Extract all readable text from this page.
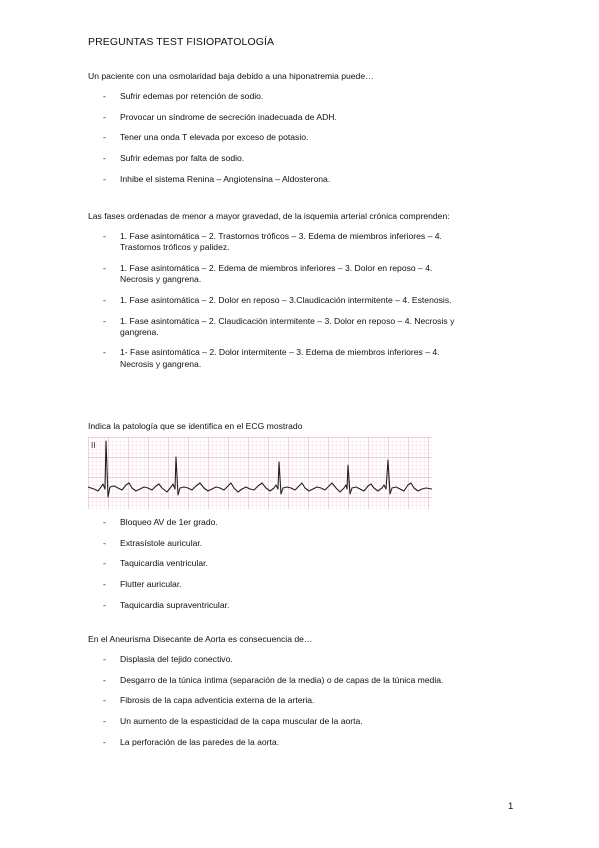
PREGUNTAS TEST FISIOPATOLOGÍA

Un paciente con una osmolaridad baja debido a una hiponatremia puede…

- Sufrir edemas por retención de sodio.
- Provocar un síndrome de secreción inadecuada de ADH.
- Tener una onda T elevada por exceso de potasio.
- Sufrir edemas por falta de sodio.
- Inhibe el sistema Renina – Angiotensina – Aldosterona.

Las fases ordenadas de menor a mayor gravedad, de la isquemia arterial crónica comprenden:

- 1. Fase asintomática – 2. Trastornos tróficos – 3. Edema de miembros inferiores – 4. Trastornos tróficos y palidez.
- 1. Fase asintomática – 2. Edema de miembros inferiores – 3. Dolor en reposo – 4. Necrosis y gangrena.
- 1. Fase asintomática – 2. Dolor en reposo – 3.Claudicación intermitente – 4. Estenosis.
- 1. Fase asintomática – 2. Claudicación intermitente – 3. Dolor en reposo – 4. Necrosis y gangrena.
- 1- Fase asintomática – 2. Dolor intermitente – 3. Edema de miembros inferiores – 4. Necrosis y gangrena.

Indica la patología que se identifica en el ECG mostrado

II
- Bloqueo AV de 1er grado.
- Extrasístole auricular.
- Taquicardia ventricular.
- Flutter auricular.
- Taquicardia supraventricular.

En el Aneurisma Disecante de Aorta es consecuencia de…

- Displasia del tejido conectivo.
- Desgarro de la túnica íntima (separación de la media) o de capas de la túnica media.
- Fibrosis de la capa adventicia externa de la arteria.
- Un aumento de la espasticidad de la capa muscular de la aorta.
- La perforación de las paredes de la aorta.
1
